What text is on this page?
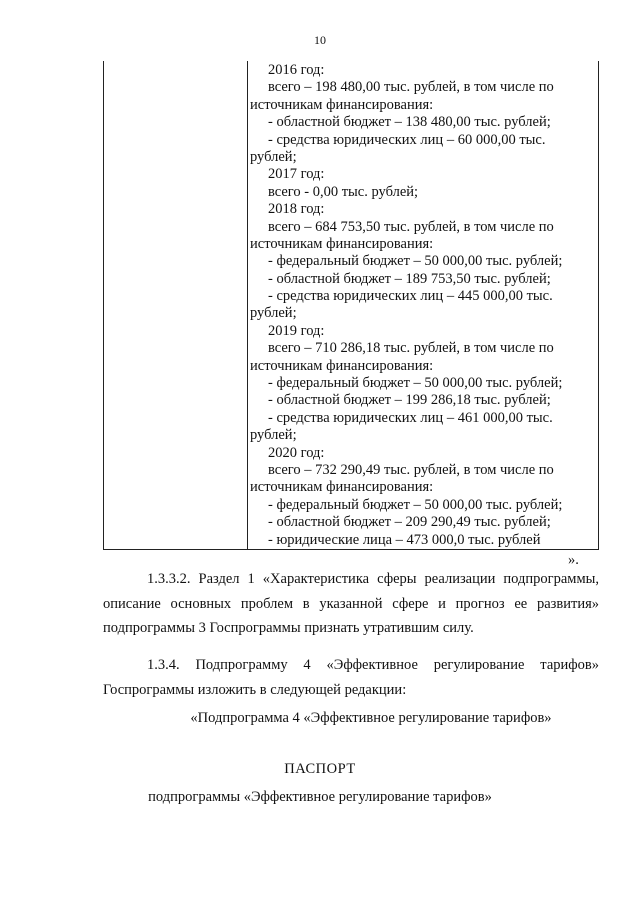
10
2016 год:
всего – 198 480,00 тыс. рублей, в том числе по
источникам финансирования:
- областной бюджет – 138 480,00 тыс. рублей;
- средства юридических лиц – 60 000,00 тыс.
рублей;
2017 год:
всего - 0,00 тыс. рублей;
2018 год:
всего – 684 753,50 тыс. рублей, в том числе по
источникам финансирования:
- федеральный бюджет – 50 000,00 тыс. рублей;
- областной бюджет – 189 753,50 тыс. рублей;
- средства юридических лиц – 445 000,00 тыс.
рублей;
2019 год:
всего – 710 286,18 тыс. рублей, в том числе по
источникам финансирования:
- федеральный бюджет – 50 000,00 тыс. рублей;
- областной бюджет – 199 286,18 тыс. рублей;
- средства юридических лиц – 461 000,00 тыс.
рублей;
2020 год:
всего – 732 290,49 тыс. рублей, в том числе по
источникам финансирования:
- федеральный бюджет – 50 000,00 тыс. рублей;
- областной бюджет – 209 290,49 тыс. рублей;
- юридические лица – 473 000,0 тыс. рублей
».
1.3.3.2. Раздел 1 «Характеристика сферы реализации подпрограммы,
описание основных проблем в указанной сфере и прогноз ее развития»
подпрограммы 3 Госпрограммы признать утратившим силу.
1.3.4. Подпрограмму 4 «Эффективное регулирование тарифов»
Госпрограммы изложить в следующей редакции:
«Подпрограмма 4 «Эффективное регулирование тарифов»
ПАСПОРТ
подпрограммы «Эффективное регулирование тарифов»
